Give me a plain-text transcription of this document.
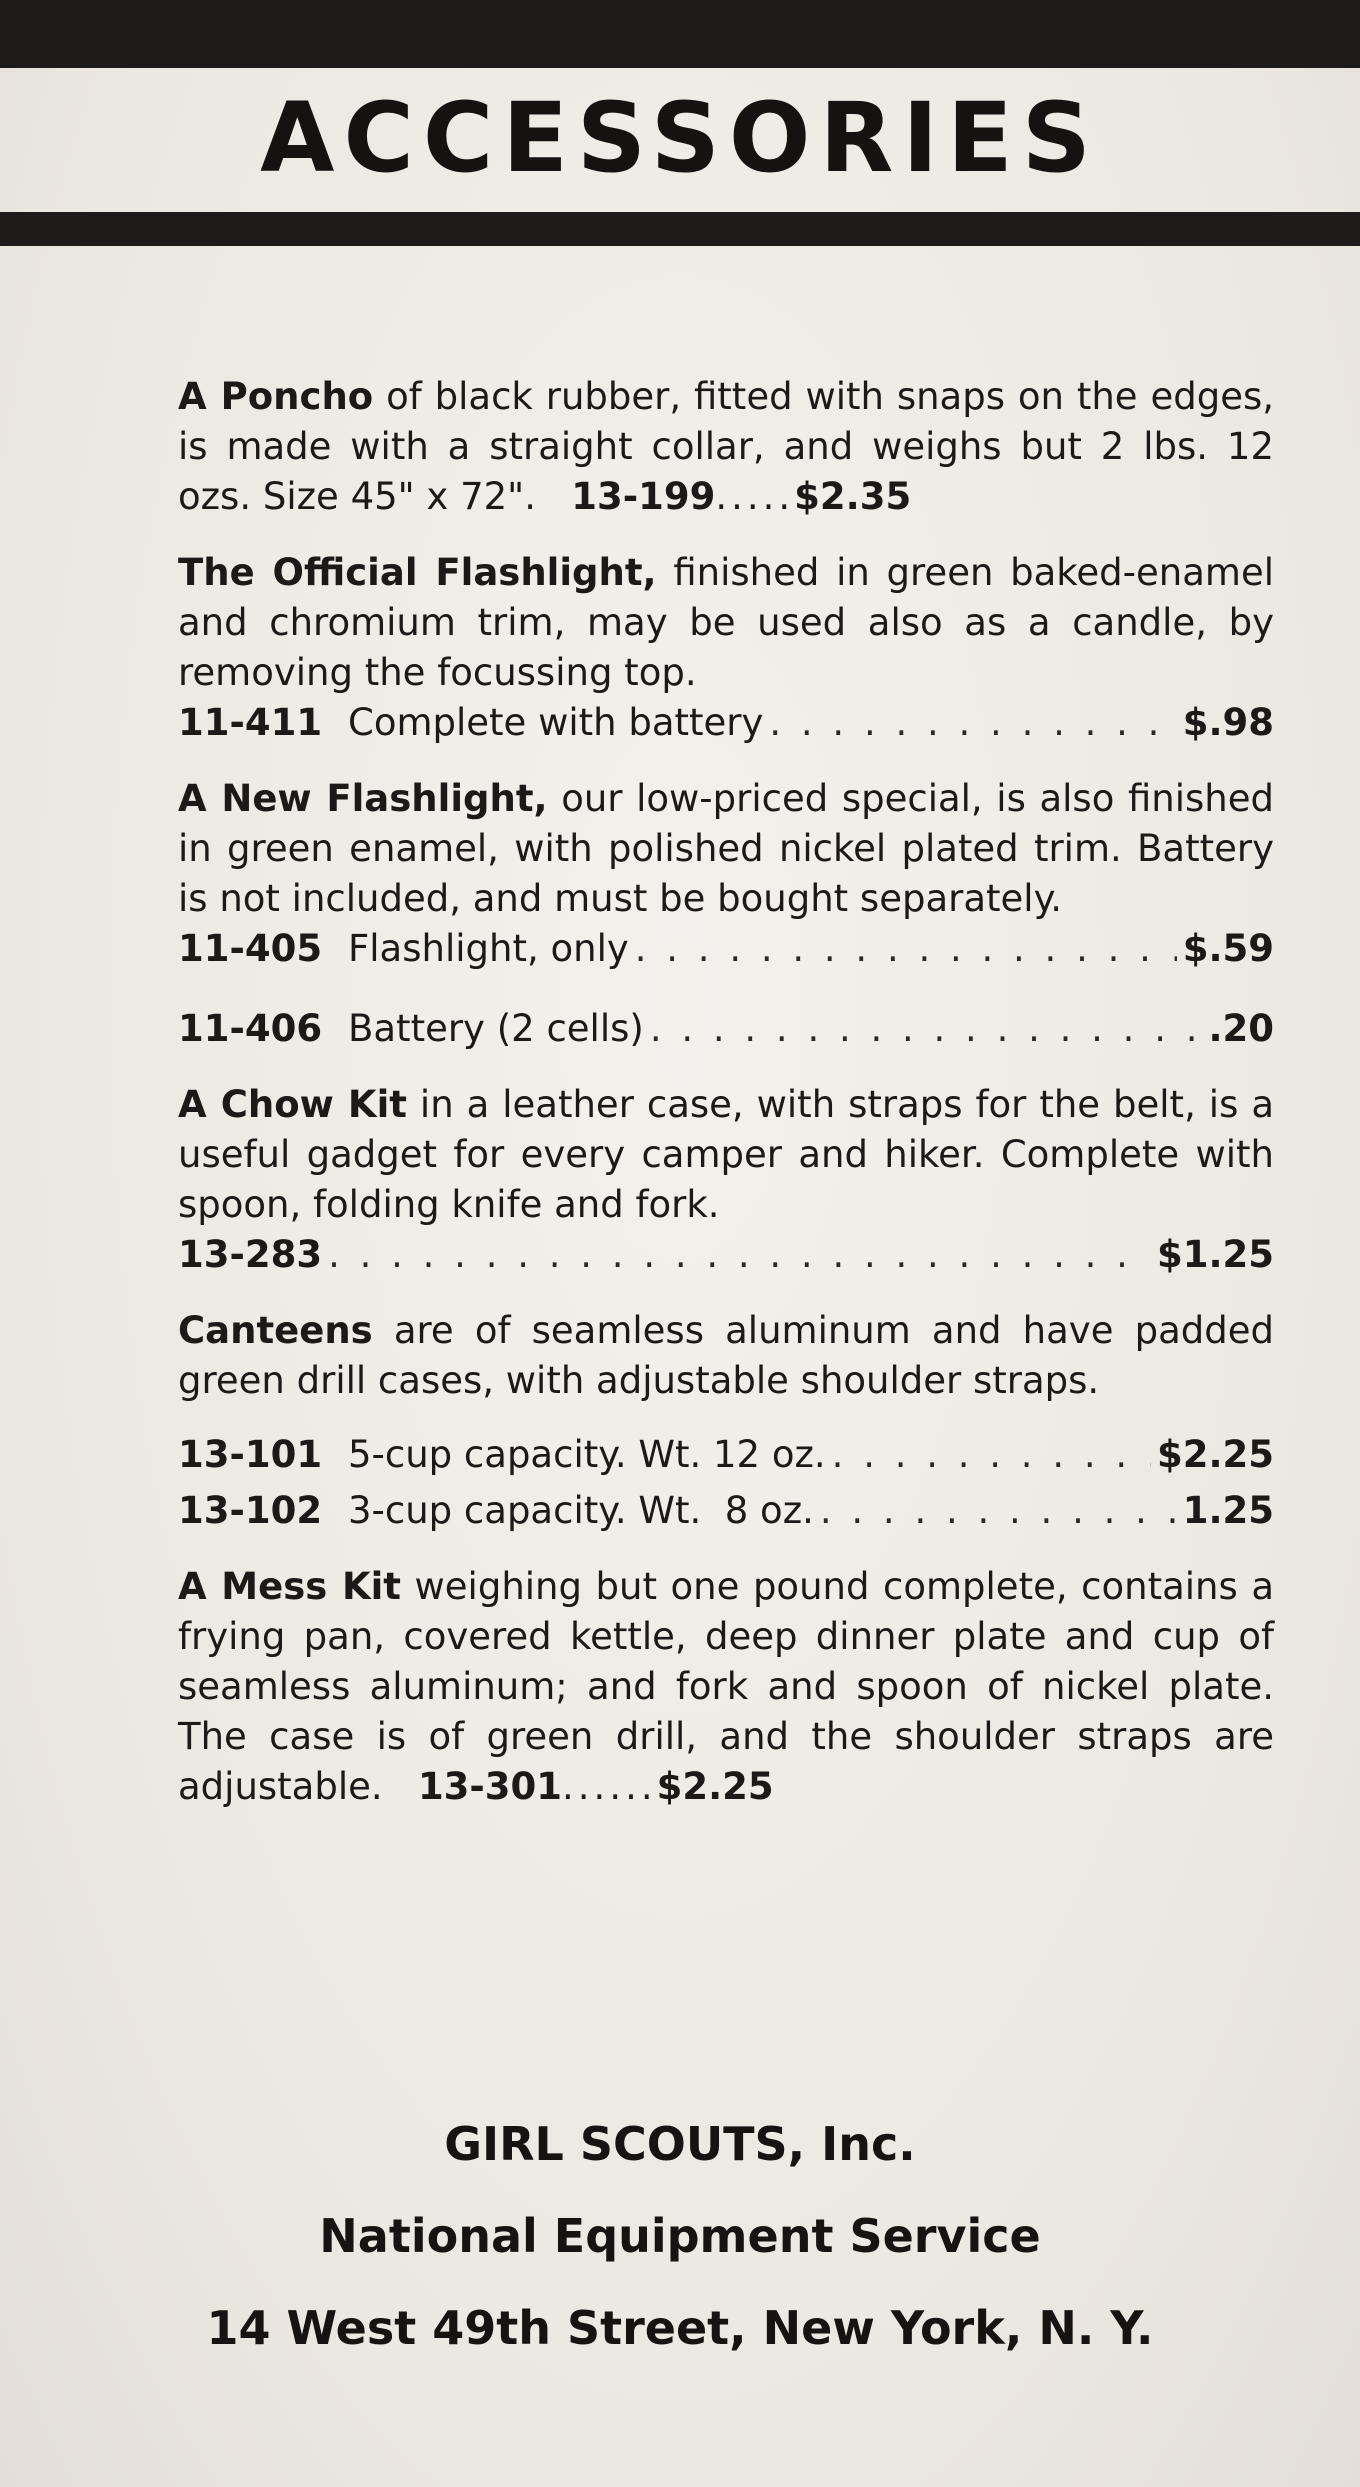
ACCESSORIES

A Poncho of black rubber, fitted with snaps on the edges, is made with a straight collar, and weighs but 2 lbs. 12 ozs. Size 45" x 72". 13-199.....$2.35

The Official Flashlight, finished in green baked-enamel and chromium trim, may be used also as a candle, by removing the focussing top.

11-411 Complete with battery . . .	$.98

A New Flashlight, our low-priced special, is also finished in green enamel, with polished nickel plated trim. Battery is not included, and must be bought separately.

11-405 Flashlight, only . . .	$.59
11-406 Battery (2 cells) . . .	.20

A Chow Kit in a leather case, with straps for the belt, is a useful gadget for every camper and hiker. Complete with spoon, folding knife and fork.

13-283 . . .	$1.25

Canteens are of seamless aluminum and have padded green drill cases, with adjustable shoulder straps.

13-101 5-cup capacity. Wt. 12 oz. . . .	$2.25
13-102 3-cup capacity. Wt.  8 oz. . . .	1.25

A Mess Kit weighing but one pound complete, contains a frying pan, covered kettle, deep dinner plate and cup of seamless aluminum; and fork and spoon of nickel plate. The case is of green drill, and the shoulder straps are adjustable. 13-301......$2.25

GIRL SCOUTS, Inc.
National Equipment Service
14 West 49th Street, New York, N. Y.
